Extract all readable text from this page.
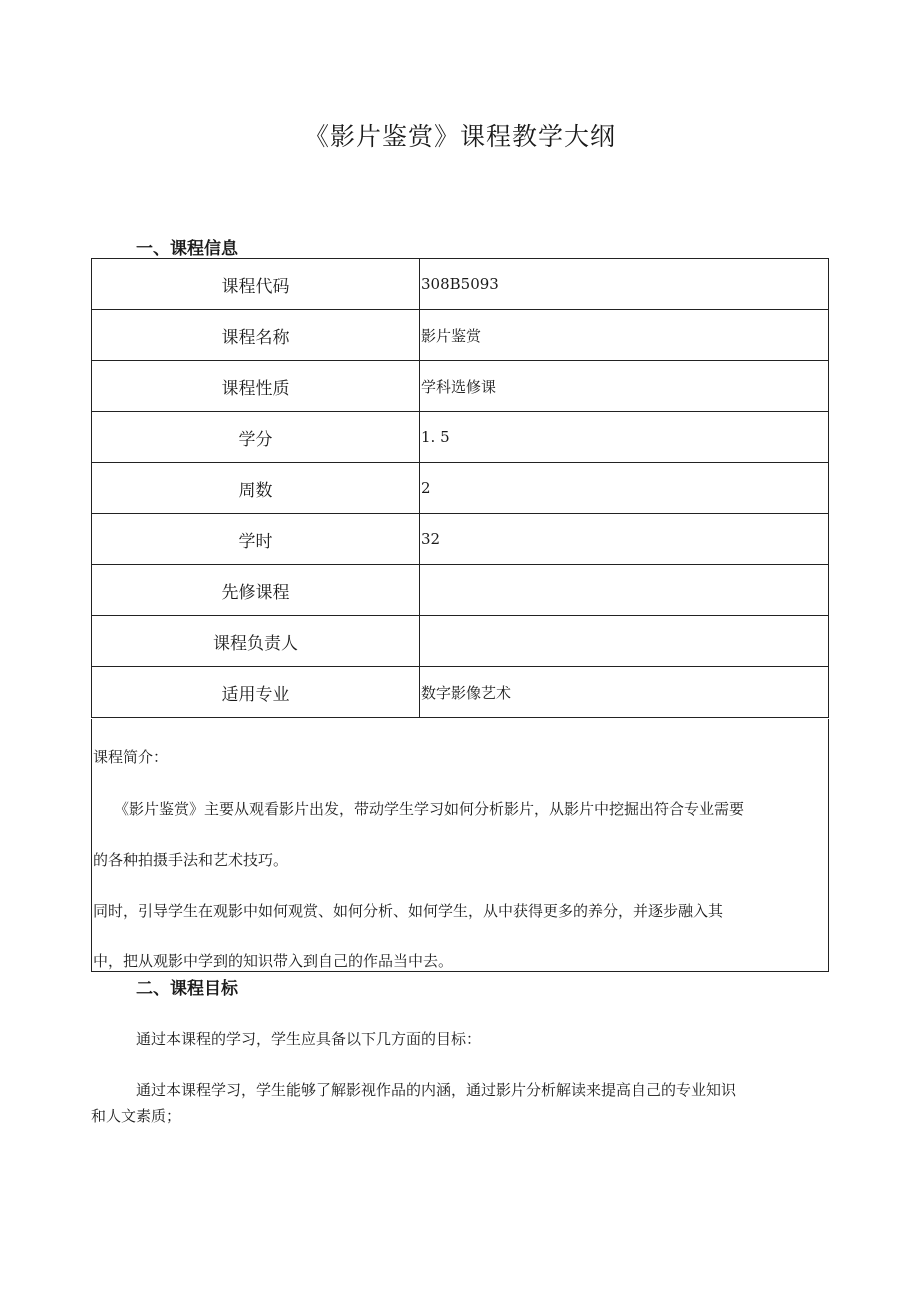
《影片鉴赏》课程教学大纲
一、课程信息
课程代码	308B5093
课程名称	影片鉴赏
课程性质	学科选修课
学分	1. 5
周数	2
学时	32
先修课程	
课程负责人	
适用专业	数字影像艺术
课程简介：
《影片鉴赏》主要从观看影片出发，带动学生学习如何分析影片，从影片中挖掘出符合专业需要
的各种拍摄手法和艺术技巧。
同时，引导学生在观影中如何观赏、如何分析、如何学生，从中获得更多的养分，并逐步融入其
中，把从观影中学到的知识带入到自己的作品当中去。
二、课程目标
通过本课程的学习，学生应具备以下几方面的目标：
通过本课程学习，学生能够了解影视作品的内涵，通过影片分析解读来提高自己的专业知识
和人文素质；
